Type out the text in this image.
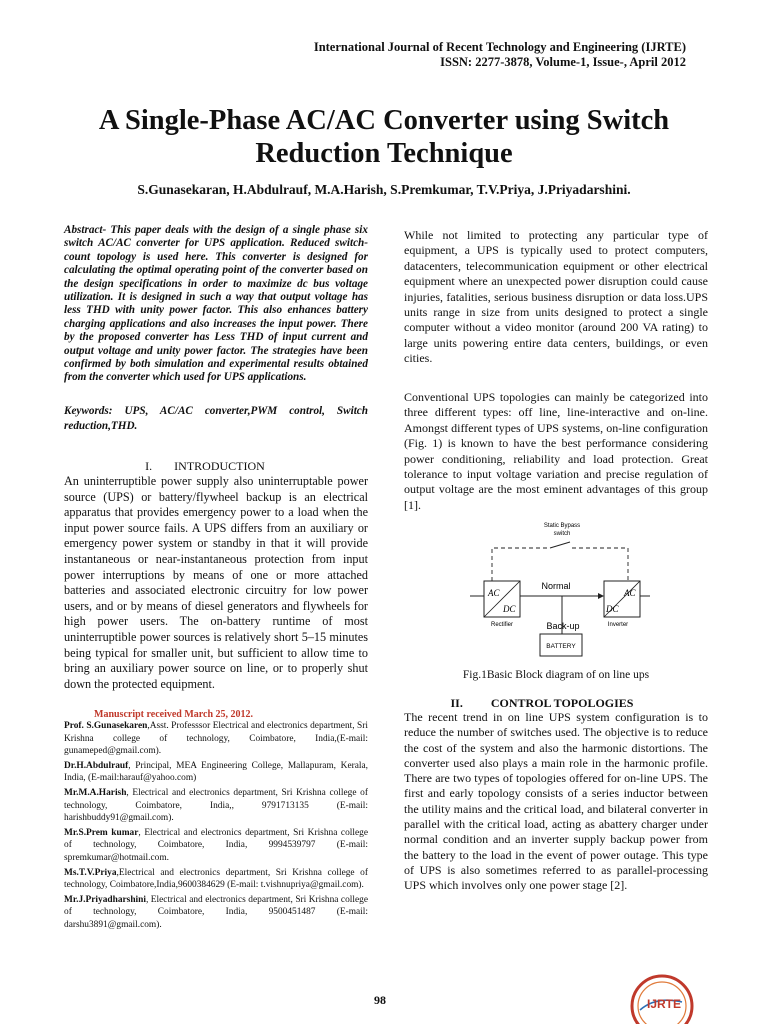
International Journal of Recent Technology and Engineering (IJRTE)
ISSN: 2277-3878, Volume-1, Issue-, April 2012
A Single-Phase AC/AC Converter using Switch Reduction Technique
S.Gunasekaran, H.Abdulrauf, M.A.Harish, S.Premkumar, T.V.Priya, J.Priyadarshini.
Abstract- This paper deals with the design of a single phase six switch AC/AC converter for UPS application. Reduced switch-count topology is used here. This converter is designed for calculating the optimal operating point of the converter based on the design specifications in order to maximize dc bus voltage utilization. It is designed in such a way that output voltage has less THD with unity power factor. This also enhances battery charging applications and also increases the input power. There by the proposed converter has Less THD of input current and output voltage and unity power factor. The strategies have been confirmed by both simulation and experimental results obtained from the converter which used for UPS applications.
Keywords: UPS, AC/AC converter,PWM control, Switch reduction,THD.
I. INTRODUCTION
An uninterruptible power supply also uninterruptable power source (UPS) or battery/flywheel backup is an electrical apparatus that provides emergency power to a load when the input power source fails. A UPS differs from an auxiliary or emergency power system or standby in that it will provide instantaneous or near-instantaneous protection from input power interruptions by means of one or more attached batteries and associated electronic circuitry for low power users, and or by means of diesel generators and flywheels for high power users. The on-battery runtime of most uninterruptible power sources is relatively short 5–15 minutes being typical for smaller unit, but sufficient to allow time to bring an auxiliary power source on line, or to properly shut down the protected equipment.
Manuscript received March 25, 2012.

Prof. S.Gunasekaren,Asst. Professsor Electrical and electronics department, Sri Krishna college of technology, Coimbatore, India,(E-mail: gunameped@gmail.com).

Dr.H.Abdulrauf, Principal, MEA Engineering College, Mallapuram, Kerala, India, (E-mail:harauf@yahoo.com)

Mr.M.A.Harish, Electrical and electronics department, Sri Krishna college of technology, Coimbatore, India,, 9791713135 (E-mail: harishbuddy91@gmail.com).

Mr.S.Prem kumar, Electrical and electronics department, Sri Krishna college of technology, Coimbatore, India, 9994539797 (E-mail: spremkumar@hotmail.com.

Ms.T.V.Priya,Electrical and electronics department, Sri Krishna college of technology, Coimbatore,India,9600384629 (E-mail: t.vishnupriya@gmail.com).

Mr.J.Priyadharshini, Electrical and electronics department, Sri Krishna college of technology, Coimbatore, India, 9500451487 (E-mail: darshu3891@gmail.com).

While not limited to protecting any particular type of equipment, a UPS is typically used to protect computers, datacenters, telecommunication equipment or other electrical equipment where an unexpected power disruption could cause injuries, fatalities, serious business disruption or data loss.UPS units range in size from units designed to protect a single computer without a video monitor (around 200 VA rating) to large units powering entire data centers, buildings, or even cities.
Conventional UPS topologies can mainly be categorized into three different types: off line, line-interactive and on-line. Amongst different types of UPS systems, on-line configuration (Fig. 1) is known to have the best performance considering power conditioning, reliability and load protection. Great tolerance to input voltage variation and precise regulation of output voltage are the most eminent advantages of this group [1].
Static Bypass
switch
AC
DC
Rectifier
Normal
DC
AC
Inverter
Back-up
BATTERY
Fig.1Basic Block diagram of on line ups
II. CONTROL TOPOLOGIES
The recent trend in on line UPS system configuration is to reduce the number of switches used. The objective is to reduce the cost of the system and also the harmonic distortions. The converter used also plays a main role in the harmonic profile. There are two types of topologies offered for on-line UPS. The first and early topology consists of a series inductor between the utility mains and the critical load, and bilateral converter in parallel with the critical load, acting as abattery charger under normal condition and an inverter supply backup power from the battery to the load in the event of power outage. This type of UPS is also sometimes referred to as parallel-processing UPS which involves only one power stage [2].
98	IJRTE
